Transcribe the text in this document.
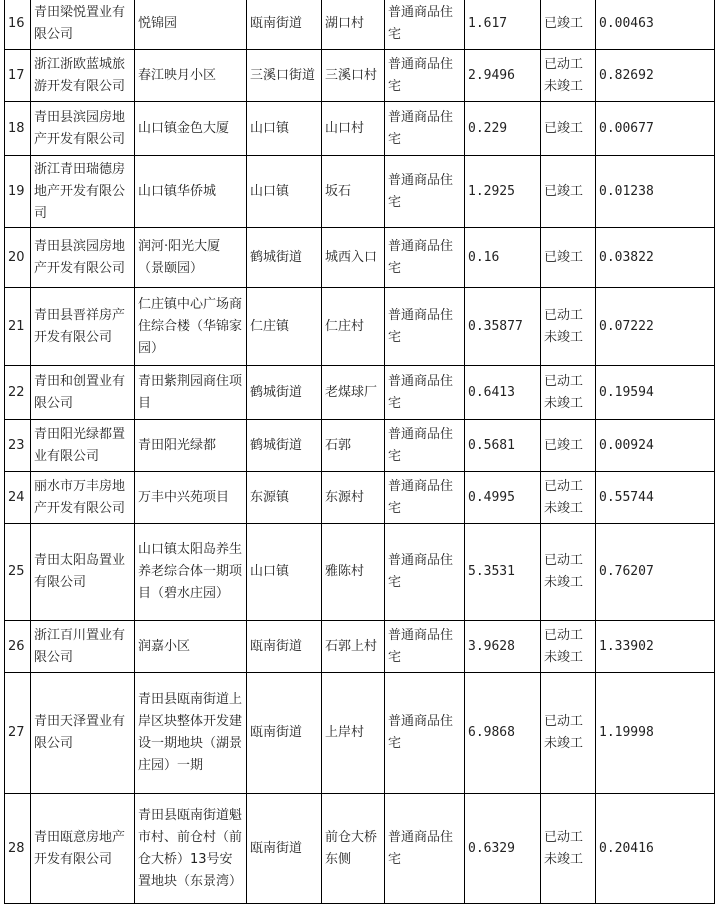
16	青田梁悦置业有限公司	悦锦园	瓯南街道	湖口村	普通商品住宅	1.617	已竣工	0.00463
17	浙江浙欧蓝城旅游开发有限公司	春江映月小区	三溪口街道	三溪口村	普通商品住宅	2.9496	已动工未竣工	0.82692
18	青田县滨园房地产开发有限公司	山口镇金色大厦	山口镇	山口村	普通商品住宅	0.229	已竣工	0.00677
19	浙江青田瑞德房地产开发有限公司	山口镇华侨城	山口镇	坂石	普通商品住宅	1.2925	已竣工	0.01238
20	青田县滨园房地产开发有限公司	润河·阳光大厦（景颐园）	鹤城街道	城西入口	普通商品住宅	0.16	已竣工	0.03822
21	青田县晋祥房产开发有限公司	仁庄镇中心广场商住综合楼（华锦家园）	仁庄镇	仁庄村	普通商品住宅	0.35877	已动工未竣工	0.07222
22	青田和创置业有限公司	青田紫荆园商住项目	鹤城街道	老煤球厂	普通商品住宅	0.6413	已动工未竣工	0.19594
23	青田阳光绿都置业有限公司	青田阳光绿都	鹤城街道	石郭	普通商品住宅	0.5681	已竣工	0.00924
24	丽水市万丰房地产开发有限公司	万丰中兴苑项目	东源镇	东源村	普通商品住宅	0.4995	已动工未竣工	0.55744
25	青田太阳岛置业有限公司	山口镇太阳岛养生养老综合体一期项目（碧水庄园）	山口镇	雅陈村	普通商品住宅	5.3531	已动工未竣工	0.76207
26	浙江百川置业有限公司	润嘉小区	瓯南街道	石郭上村	普通商品住宅	3.9628	已动工未竣工	1.33902
27	青田天泽置业有限公司	青田县瓯南街道上岸区块整体开发建设一期地块（湖景庄园）一期	瓯南街道	上岸村	普通商品住宅	6.9868	已动工未竣工	1.19998
28	青田瓯意房地产开发有限公司	青田县瓯南街道魁市村、前仓村（前仓大桥）13号安置地块（东景湾）	瓯南街道	前仓大桥东侧	普通商品住宅	0.6329	已动工未竣工	0.20416
